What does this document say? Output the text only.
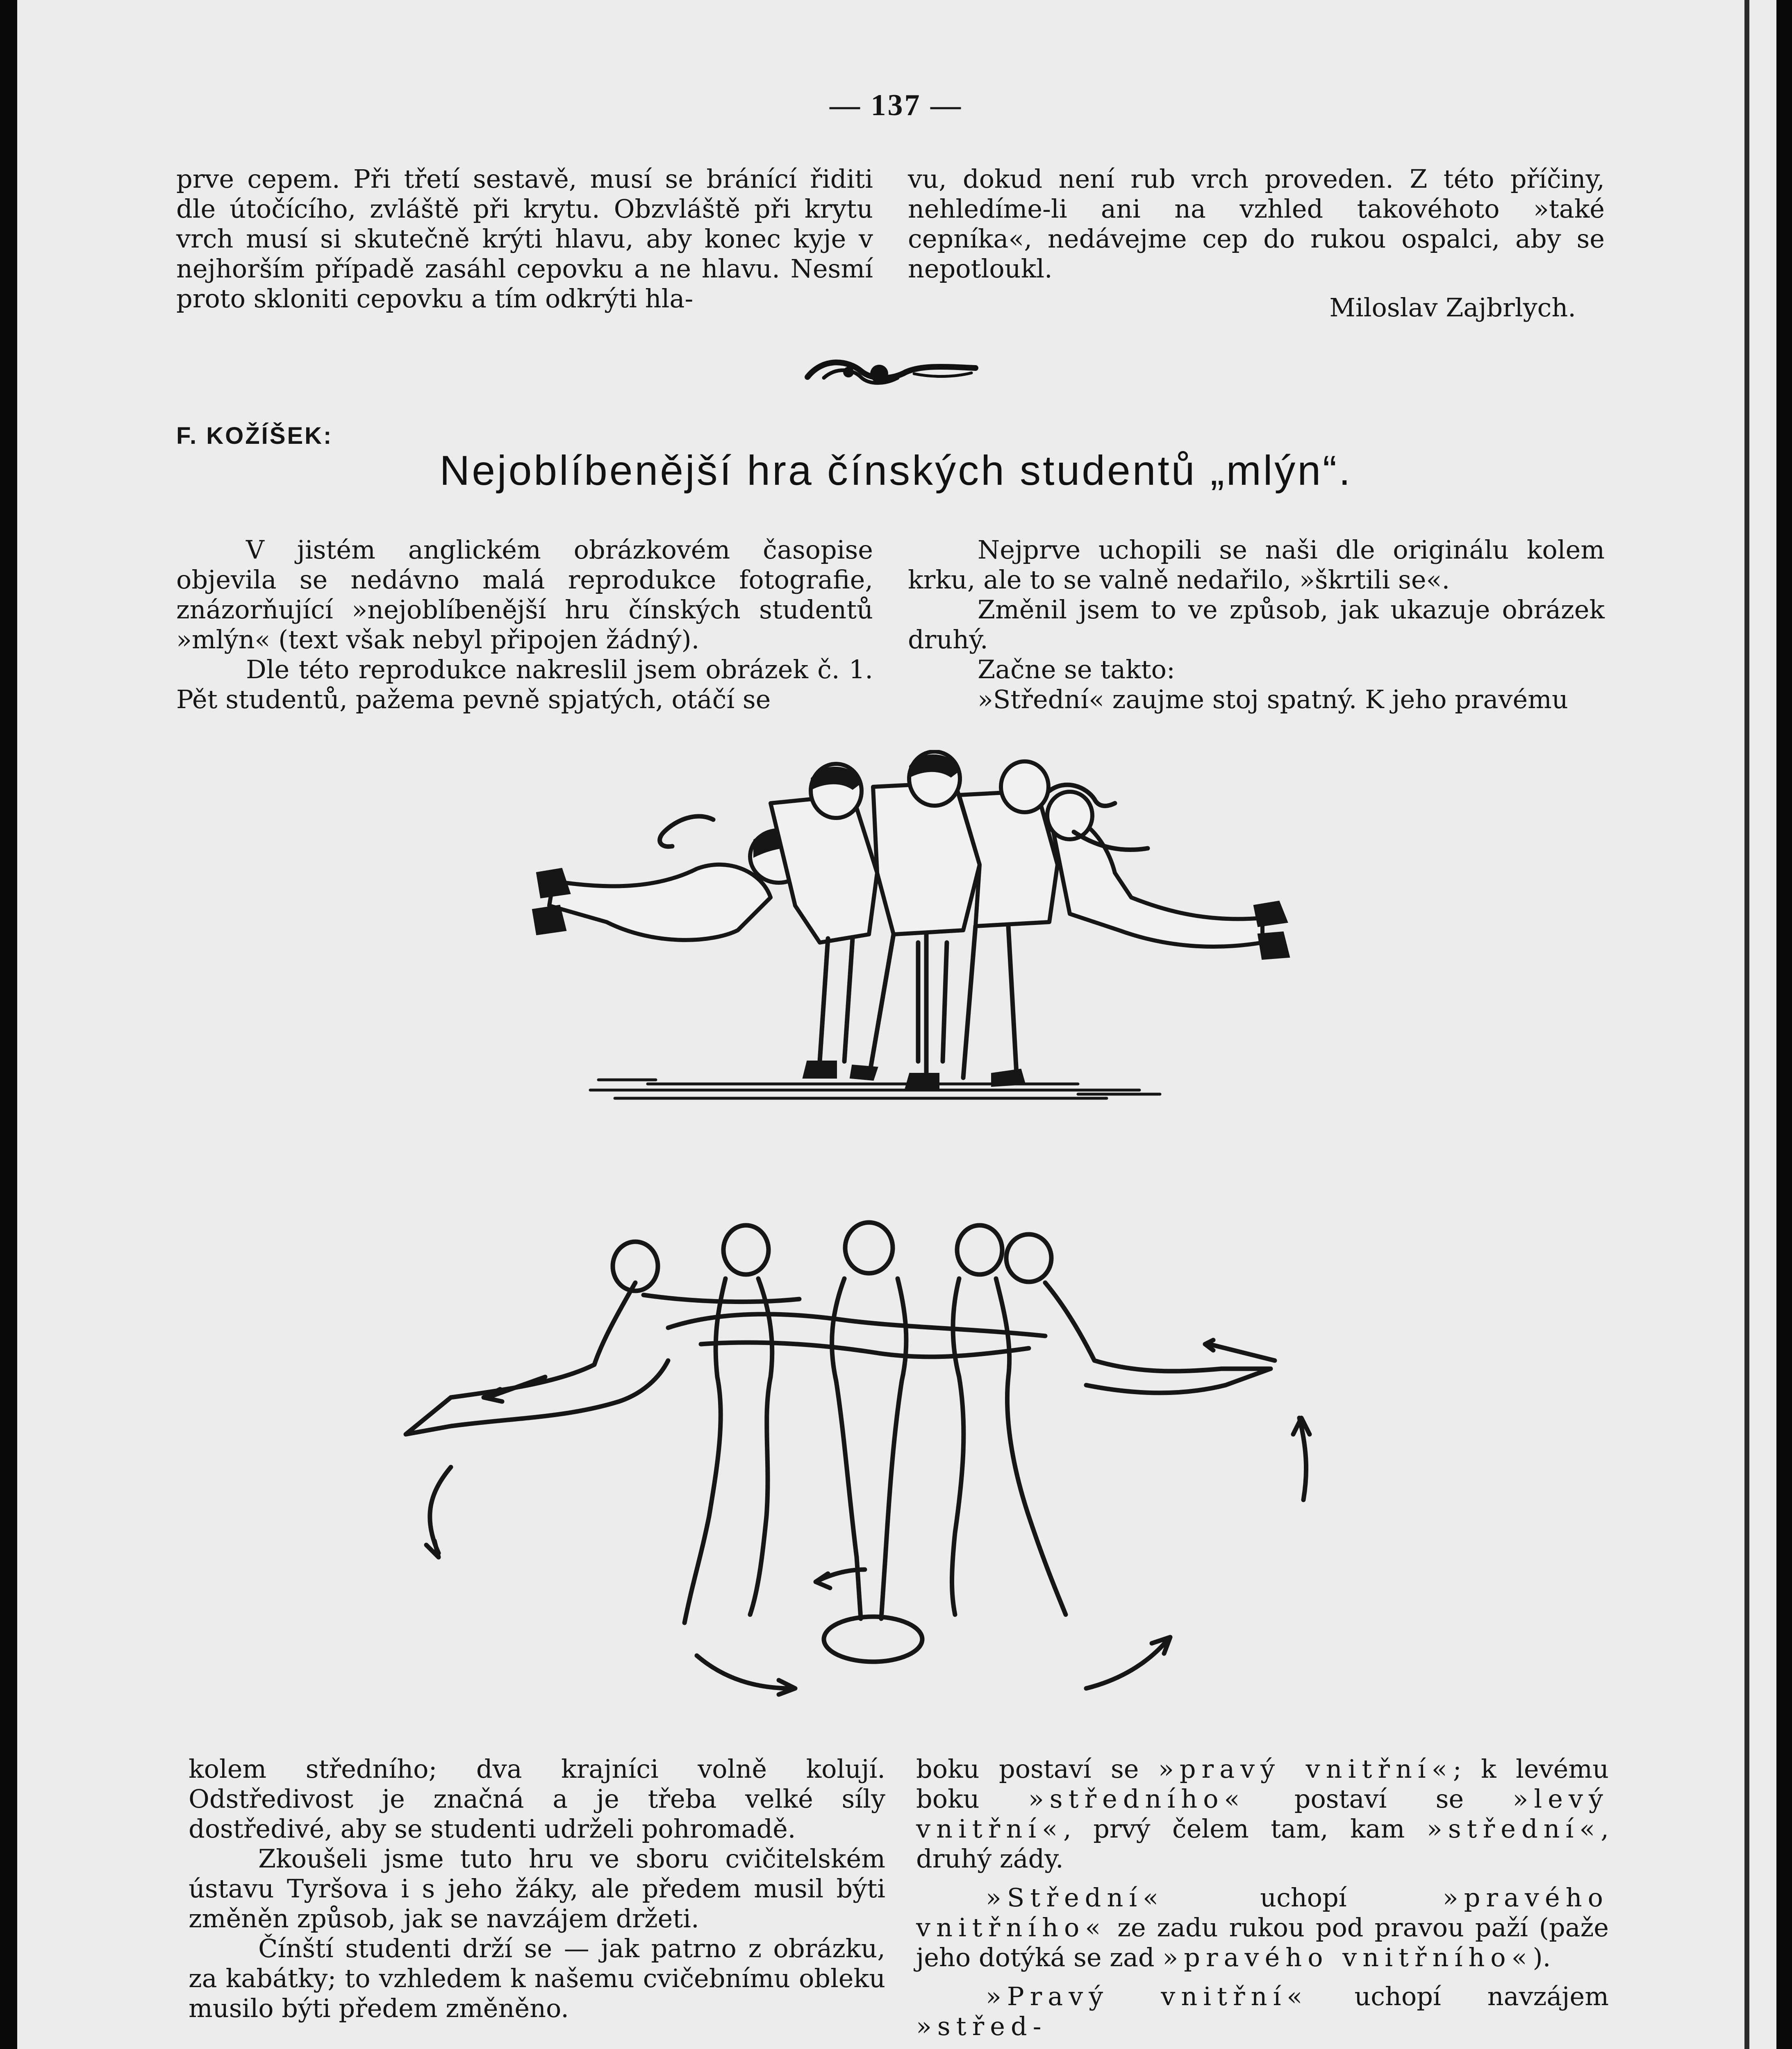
— 137 —

prve cepem. Při třetí sestavě, musí se bránící řiditi dle útočícího, zvláště při krytu. Obzvláště při krytu vrch musí si skutečně krýti hlavu, aby konec kyje v nejhorším případě zasáhl cepovku a ne hlavu. Nesmí proto skloniti cepovku a tím odkrýti hla-

vu, dokud není rub vrch proveden. Z této příčiny, nehledíme-li ani na vzhled takovéhoto »také cepníka«, nedávejme cep do rukou ospalci, aby se nepotloukl.

Miloslav Zajbrlych.

F. KOŽÍŠEK:
Nejoblíbenější hra čínských studentů „mlýn“.

V jistém anglickém obrázkovém časopise objevila se nedávno malá reprodukce fotografie, znázorňující »nejoblíbenější hru čínských studentů »mlýn« (text však nebyl připojen žádný).

Dle této reprodukce nakreslil jsem obrázek č. 1. Pět studentů, pažema pevně spjatých, otáčí se

Nejprve uchopili se naši dle originálu kolem krku, ale to se valně nedařilo, »škrtili se«.

Změnil jsem to ve způsob, jak ukazuje obrázek druhý.

Začne se takto:

»Střední« zaujme stoj spatný. K jeho pravému

kolem středního; dva krajníci volně kolují. Odstředivost je značná a je třeba velké síly dostředivé, aby se studenti udrželi pohromadě.

Zkoušeli jsme tuto hru ve sboru cvičitelském ústavu Tyršova i s jeho žáky, ale předem musil býti změněn způsob, jak se navzájem držeti.

Čínští studenti drží se — jak patrno z obrázku, za kabátky; to vzhledem k našemu cvičebnímu obleku musilo býti předem změněno.

boku postaví se »pravý vnitřní«; k levému boku »středního« postaví se »levý vnitřní«, prvý čelem tam, kam »střední«, druhý zády.

»Střední« uchopí »pravého vnitřního« ze zadu rukou pod pravou paží (paže jeho dotýká se zad »pravého vnitřního«).

»Pravý vnitřní« uchopí navzájem »střed-
